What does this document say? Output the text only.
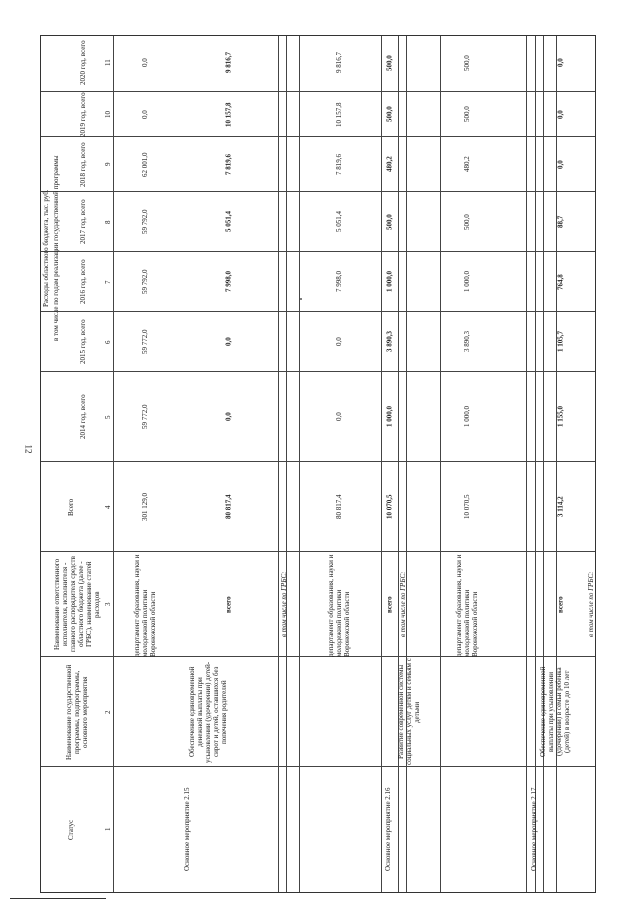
12
Статус
Наименование государственной программы, подпрограммы, основного мероприятия
Наименование ответственного исполнителя, исполнителя - главного распорядителя средств областного бюджета (далее - ГРБС), наименование статей расходов
Всего
Расходы областного бюджета, тыс. руб. в том числе по годам реализации государственной программы
2014 год, всего
2015 год, всего
2016 год, всего
2017 год, всего
2018 год, всего
2019 год, всего
2020 год, всего
1
2
3
4
5
6
7
8
9
10
11
департамент образования, науки и молодежной политики Воронежской области
301 129,0
59 772,0
59 772,0
59 792,0
59 792,0
62 001,0
0,0
0,0
Основное мероприятие 2.15
Обеспечение единовременной денежной выплаты при усыновлении (удочерении) детей-сирот и детей, оставшихся без попечения родителей
всего
80 817,4
0,0
0,0
7 998,0
5 051,4
7 819,6
10 157,8
9 816,7
в том числе по ГРБС:	департамент образования, науки и молодежной политики Воронежской области
80 817,4
0,0
0,0
7 998,0
5 051,4
7 819,6
10 157,8
9 816,7
Основное мероприятие 2.16
Развитие современной системы социальных услуг детям и семьям с детьми
всего
10 070,5
1 000,0
3 890,3
1 000,0
500,0
480,2
500,0
500,0
в том числе по ГРБС:	департамент образования, науки и молодежной политики Воронежской области
10 070,5
1 000,0
3 890,3
1 000,0
500,0
480,2
500,0
500,0
Основное мероприятие 2.17
Обеспечение единовременной выплаты при усыновлении (удочерении) в семьи ребенка (детей) в возрасте до 10 лет
всего
3 114,2
1 155,0
1 105,7
764,8
88,7
0,0
0,0
0,0
в том числе по ГРБС:
